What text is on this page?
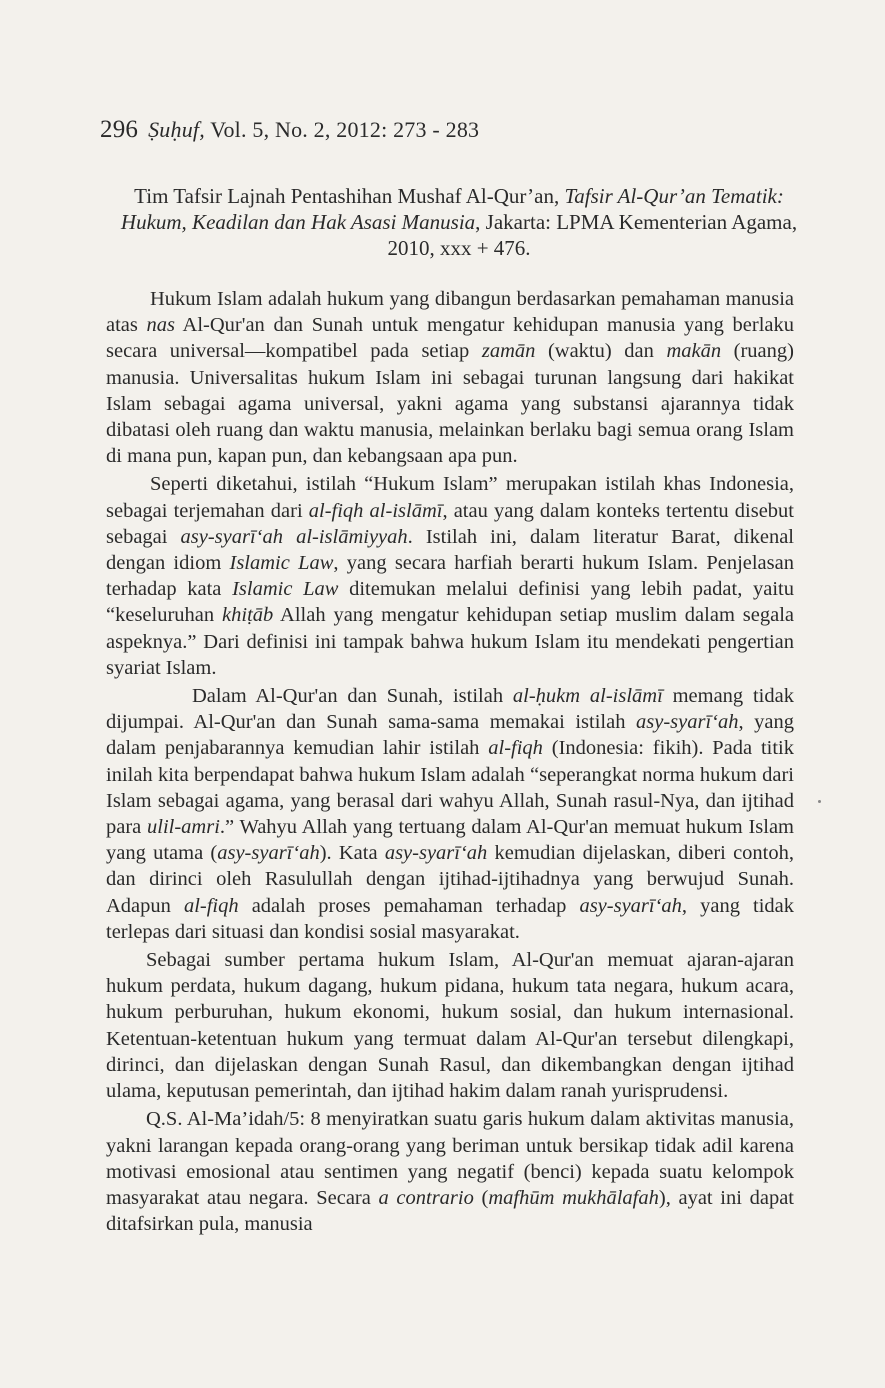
296 Ṣuḥuf, Vol. 5, No. 2, 2012: 273 - 283
Tim Tafsir Lajnah Pentashihan Mushaf Al-Qur’an, Tafsir Al-Qur’an Tematik: Hukum, Keadilan dan Hak Asasi Manusia, Jakarta: LPMA Kementerian Agama, 2010, xxx + 476.

Hukum Islam adalah hukum yang dibangun berdasarkan pemahaman manusia atas nas Al-Qur'an dan Sunah untuk mengatur kehidupan manusia yang berlaku secara universal—kompatibel pada setiap zamān (waktu) dan makān (ruang) manusia. Universalitas hukum Islam ini sebagai turunan langsung dari hakikat Islam sebagai agama universal, yakni agama yang substansi ajarannya tidak dibatasi oleh ruang dan waktu manusia, melainkan berlaku bagi semua orang Islam di mana pun, kapan pun, dan kebangsaan apa pun.

Seperti diketahui, istilah “Hukum Islam” merupakan istilah khas Indonesia, sebagai terjemahan dari al-fiqh al-islāmī, atau yang dalam konteks tertentu disebut sebagai asy-syarī‘ah al-islāmiyyah. Istilah ini, dalam literatur Barat, dikenal dengan idiom Islamic Law, yang secara harfiah berarti hukum Islam. Penjelasan terhadap kata Islamic Law ditemukan melalui definisi yang lebih padat, yaitu “keseluruhan khiṭāb Allah yang mengatur kehidupan setiap muslim dalam segala aspeknya.” Dari definisi ini tampak bahwa hukum Islam itu mendekati pengertian syariat Islam.

Dalam Al-Qur'an dan Sunah, istilah al-ḥukm al-islāmī memang tidak dijumpai. Al-Qur'an dan Sunah sama-sama memakai istilah asy-syarī‘ah, yang dalam penjabarannya kemudian lahir istilah al-fiqh (Indonesia: fikih). Pada titik inilah kita berpendapat bahwa hukum Islam adalah “seperangkat norma hukum dari Islam sebagai agama, yang berasal dari wahyu Allah, Sunah rasul-Nya, dan ijtihad para ulil-amri.” Wahyu Allah yang tertuang dalam Al-Qur'an memuat hukum Islam yang utama (asy-syarī‘ah). Kata asy-syarī‘ah kemudian dijelaskan, diberi contoh, dan dirinci oleh Rasulullah dengan ijtihad-ijtihadnya yang berwujud Sunah. Adapun al-fiqh adalah proses pemahaman terhadap asy-syarī‘ah, yang tidak terlepas dari situasi dan kondisi sosial masyarakat.

Sebagai sumber pertama hukum Islam, Al-Qur'an memuat ajaran-ajaran hukum perdata, hukum dagang, hukum pidana, hukum tata negara, hukum acara, hukum perburuhan, hukum ekonomi, hukum sosial, dan hukum internasional. Ketentuan-ketentuan hukum yang termuat dalam Al-Qur'an tersebut dilengkapi, dirinci, dan dijelaskan dengan Sunah Rasul, dan dikembangkan dengan ijtihad ulama, keputusan pemerintah, dan ijtihad hakim dalam ranah yurisprudensi.

Q.S. Al-Ma’idah/5: 8 menyiratkan suatu garis hukum dalam aktivitas manusia, yakni larangan kepada orang-orang yang beriman untuk bersikap tidak adil karena motivasi emosional atau sentimen yang negatif (benci) kepada suatu kelompok masyarakat atau negara. Secara a contrario (mafhūm mukhālafah), ayat ini dapat ditafsirkan pula, manusia
